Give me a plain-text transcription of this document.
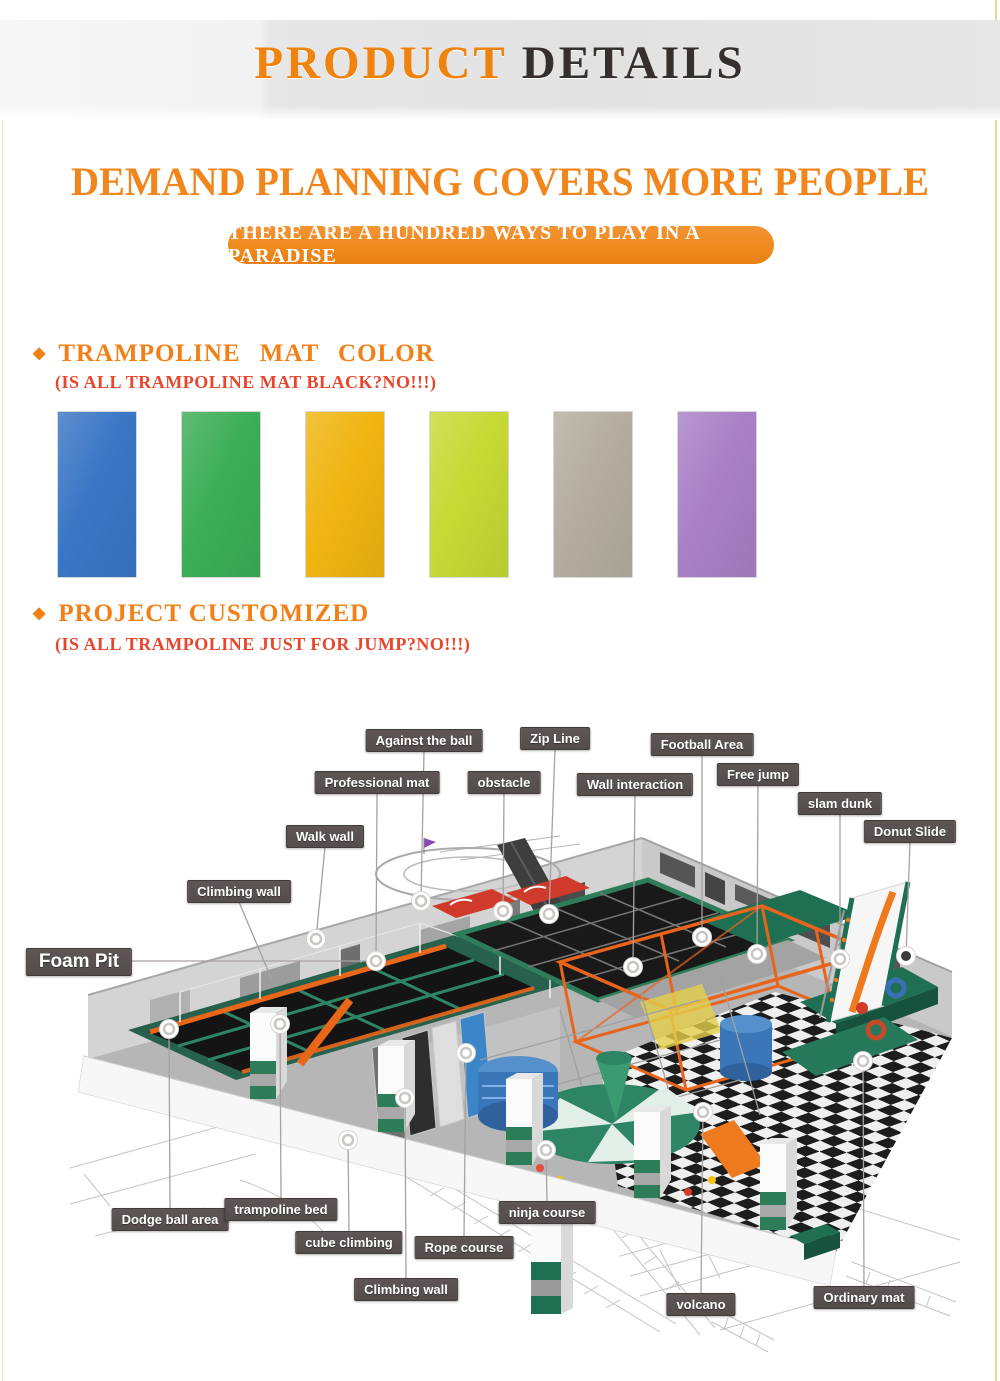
PRODUCT DETAILS
DEMAND PLANNING COVERS MORE PEOPLE
THERE ARE A HUNDRED WAYS TO PLAY IN A PARADISE
◆ TRAMPOLINE MAT COLOR
(IS ALL TRAMPOLINE MAT BLACK?NO!!!)
◆ PROJECT CUSTOMIZED
(IS ALL TRAMPOLINE JUST FOR JUMP?NO!!!)
Against the ball	Zip Line	Football Area
Professional mat	obstacle	Wall interaction
Free jump
slam dunk
Donut Slide
Walk wall
Climbing wall
Foam Pit
Dodge ball area
trampoline bed
cube climbing	Rope course
Climbing wall
ninja course
volcano	Ordinary mat
